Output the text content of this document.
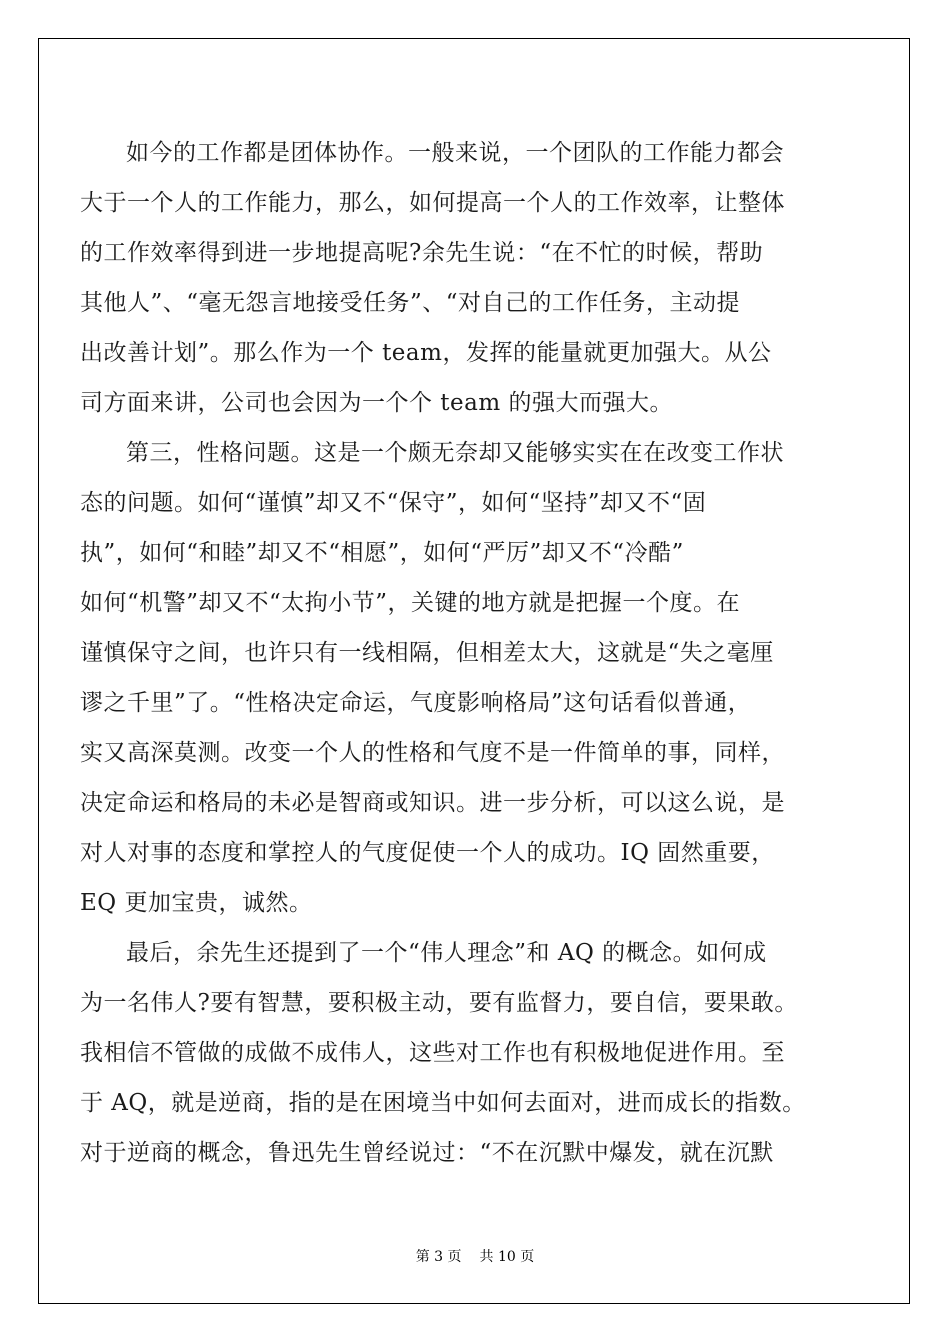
如今的工作都是团体协作。一般来说，一个团队的工作能力都会
大于一个人的工作能力，那么，如何提高一个人的工作效率，让整体
的工作效率得到进一步地提高呢?余先生说：“在不忙的时候，帮助
其他人”、“毫无怨言地接受任务”、“对自己的工作任务，主动提
出改善计划”。那么作为一个 team，发挥的能量就更加强大。从公
司方面来讲，公司也会因为一个个 team 的强大而强大。
第三，性格问题。这是一个颇无奈却又能够实实在在改变工作状
态的问题。如何“谨慎”却又不“保守”，如何“坚持”却又不“固
执”，如何“和睦”却又不“相愿”，如何“严厉”却又不“冷酷”
如何“机警”却又不“太拘小节”，关键的地方就是把握一个度。在
谨慎保守之间，也许只有一线相隔，但相差太大，这就是“失之毫厘
谬之千里”了。“性格决定命运，气度影响格局”这句话看似普通，
实又高深莫测。改变一个人的性格和气度不是一件简单的事，同样，
决定命运和格局的未必是智商或知识。进一步分析，可以这么说，是
对人对事的态度和掌控人的气度促使一个人的成功。IQ 固然重要，
EQ 更加宝贵，诚然。
最后，余先生还提到了一个“伟人理念”和 AQ 的概念。如何成
为一名伟人?要有智慧，要积极主动，要有监督力，要自信，要果敢。
我相信不管做的成做不成伟人，这些对工作也有积极地促进作用。至
于 AQ，就是逆商，指的是在困境当中如何去面对，进而成长的指数。
对于逆商的概念，鲁迅先生曾经说过：“不在沉默中爆发，就在沉默
第 3 页 共 10 页
